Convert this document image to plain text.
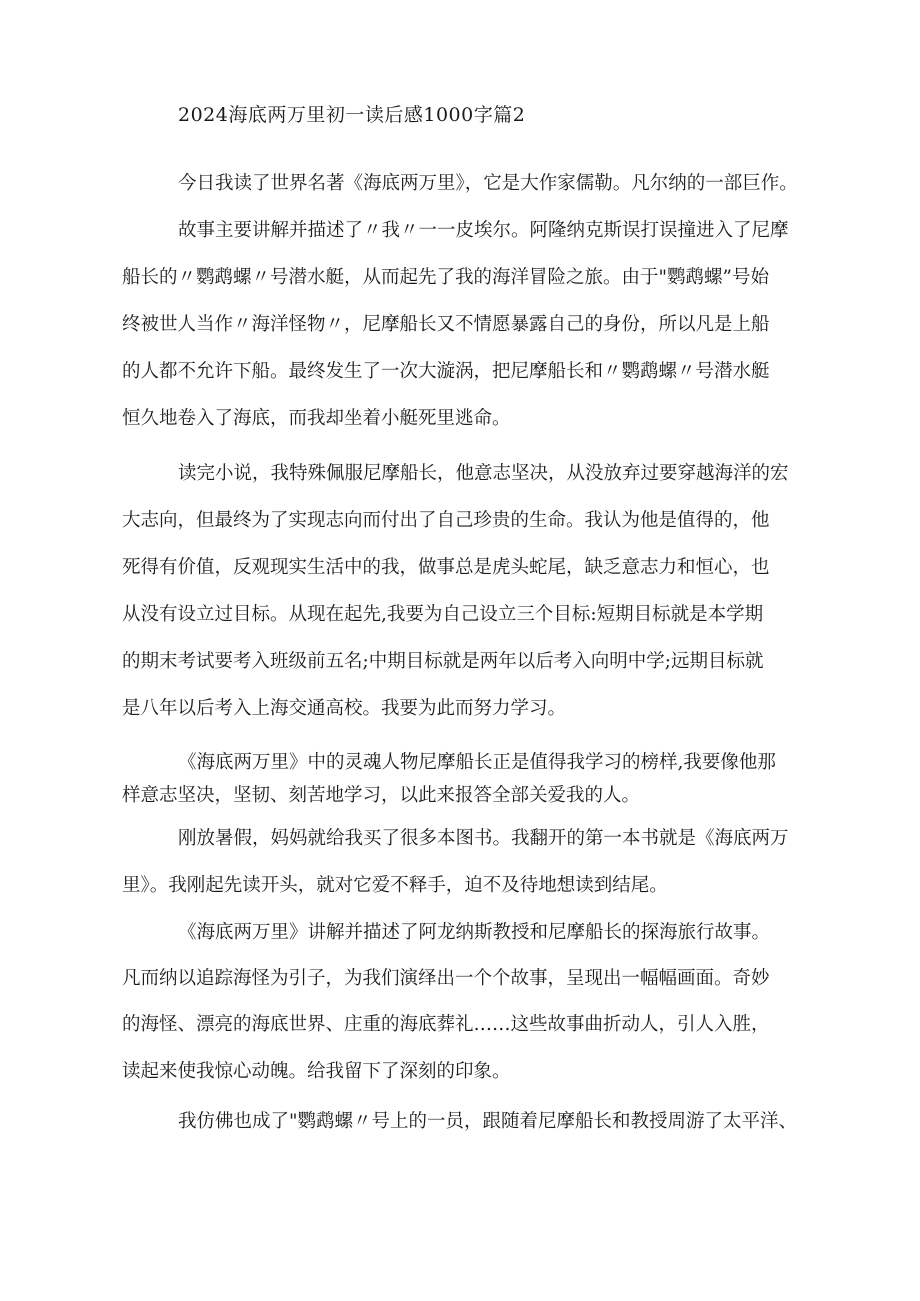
2024海底两万里初一读后感1000字篇2
今日我读了世界名著《海底两万里》，它是大作家儒勒。凡尔纳的一部巨作。
故事主要讲解并描述了〃我〃一一皮埃尔。阿隆纳克斯误打误撞进入了尼摩
船长的〃鹦鹉螺〃号潜水艇，从而起先了我的海洋冒险之旅。由于"鹦鹉螺”号始
终被世人当作〃海洋怪物〃，尼摩船长又不情愿暴露自己的身份，所以凡是上船
的人都不允许下船。最终发生了一次大漩涡，把尼摩船长和〃鹦鹉螺〃号潜水艇
恒久地卷入了海底，而我却坐着小艇死里逃命。
读完小说，我特殊佩服尼摩船长，他意志坚决，从没放弃过要穿越海洋的宏
大志向，但最终为了实现志向而付出了自己珍贵的生命。我认为他是值得的，他
死得有价值，反观现实生活中的我，做事总是虎头蛇尾，缺乏意志力和恒心，也
从没有设立过目标。从现在起先,我要为自己设立三个目标:短期目标就是本学期
的期末考试要考入班级前五名;中期目标就是两年以后考入向明中学;远期目标就
是八年以后考入上海交通高校。我要为此而努力学习。
《海底两万里》中的灵魂人物尼摩船长正是值得我学习的榜样,我要像他那
样意志坚决，坚韧、刻苦地学习，以此来报答全部关爱我的人。
刚放暑假，妈妈就给我买了很多本图书。我翻开的第一本书就是《海底两万
里》。我刚起先读开头，就对它爱不释手，迫不及待地想读到结尾。
《海底两万里》讲解并描述了阿龙纳斯教授和尼摩船长的探海旅行故事。
凡而纳以追踪海怪为引子，为我们演绎出一个个故事，呈现出一幅幅画面。奇妙
的海怪、漂亮的海底世界、庄重的海底葬礼……这些故事曲折动人，引人入胜，
读起来使我惊心动魄。给我留下了深刻的印象。
我仿佛也成了"鹦鹉螺〃号上的一员，跟随着尼摩船长和教授周游了太平洋、
